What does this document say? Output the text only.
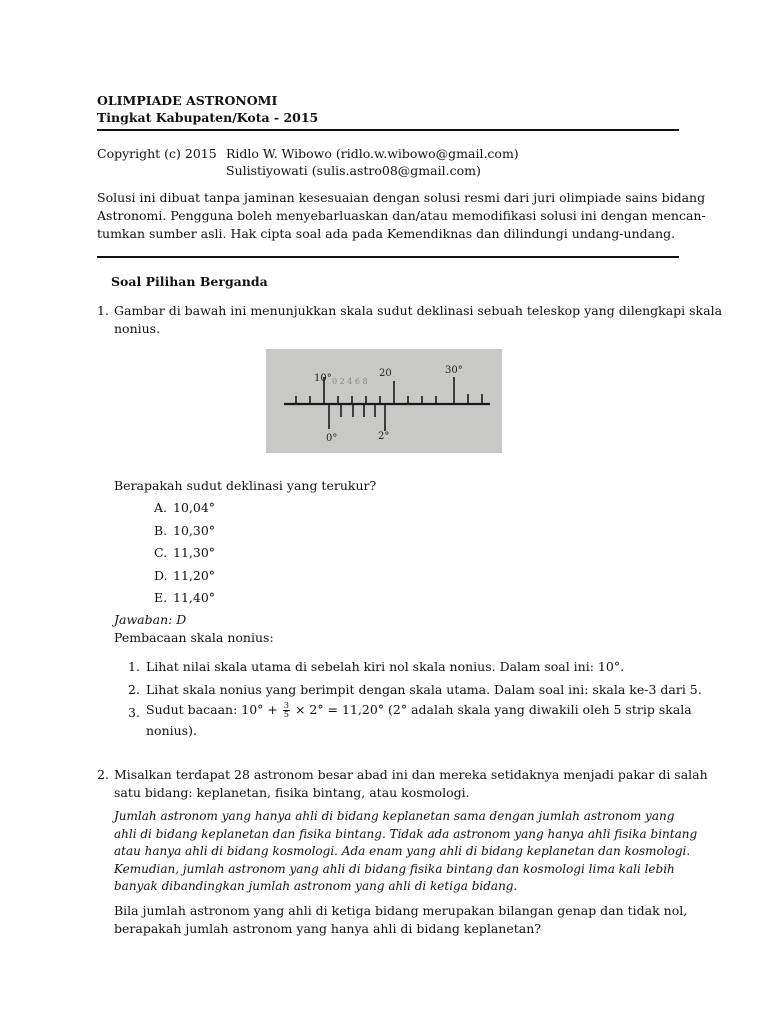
OLIMPIADE ASTRONOMI
Tingkat Kabupaten/Kota - 2015
Copyright (c) 2015 Ridlo W. Wibowo (ridlo.w.wibowo@gmail.com)
Sulistiyowati (sulis.astro08@gmail.com)
Solusi ini dibuat tanpa jaminan kesesuaian dengan solusi resmi dari juri olimpiade sains bidang
Astronomi. Pengguna boleh menyebarluaskan dan/atau memodifikasi solusi ini dengan mencan-
tumkan sumber asli. Hak cipta soal ada pada Kemendiknas dan dilindungi undang-undang.
Soal Pilihan Berganda
1. Gambar di bawah ini menunjukkan skala sudut deklinasi sebuah teleskop yang dilengkapi skala
nonius.
0 2 4 6 8
10°	20	30°
0°	2°
Berapakah sudut deklinasi yang terukur?
A. 10,04°
B. 10,30°
C. 11,30°
D. 11,20°
E. 11,40°
Jawaban: D
Pembacaan skala nonius:
1. Lihat nilai skala utama di sebelah kiri nol skala nonius. Dalam soal ini: 10°.
2. Lihat skala nonius yang berimpit dengan skala utama. Dalam soal ini: skala ke-3 dari 5.
3. Sudut bacaan: $10^\circ + \frac{3}{5} \times 2^\circ = 11,20^\circ$ (2° adalah skala yang diwakili oleh 5 strip skala
nonius).
2. Misalkan terdapat 28 astronom besar abad ini dan mereka setidaknya menjadi pakar di salah
satu bidang: keplanetan, fisika bintang, atau kosmologi.
Jumlah astronom yang hanya ahli di bidang keplanetan sama dengan jumlah astronom yang
ahli di bidang keplanetan dan fisika bintang. Tidak ada astronom yang hanya ahli fisika bintang
atau hanya ahli di bidang kosmologi. Ada enam yang ahli di bidang keplanetan dan kosmologi.
Kemudian, jumlah astronom yang ahli di bidang fisika bintang dan kosmologi lima kali lebih
banyak dibandingkan jumlah astronom yang ahli di ketiga bidang.
Bila jumlah astronom yang ahli di ketiga bidang merupakan bilangan genap dan tidak nol,
berapakah jumlah astronom yang hanya ahli di bidang keplanetan?
